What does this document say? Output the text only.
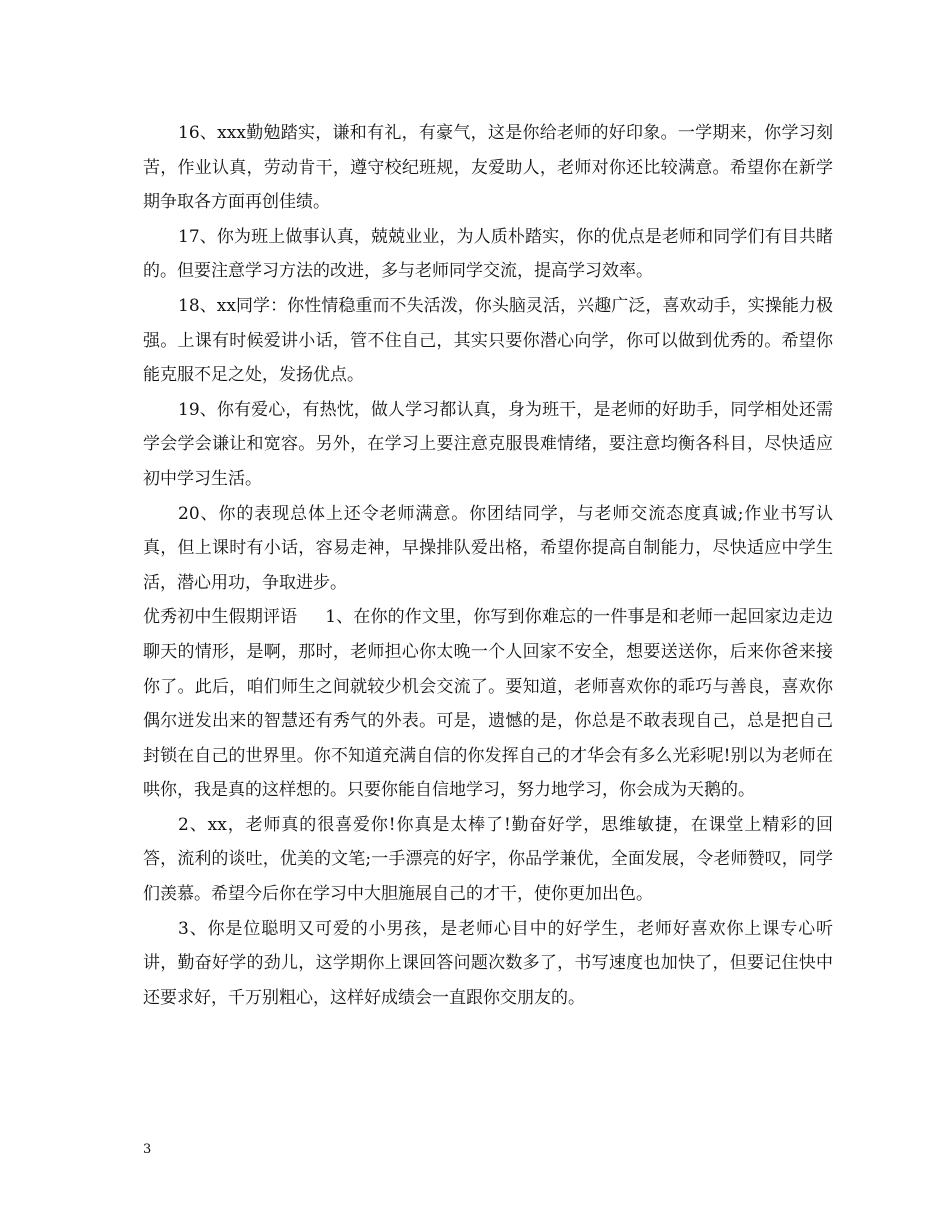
16、xxx勤勉踏实，谦和有礼，有豪气，这是你给老师的好印象。一学期来，你学习刻苦，作业认真，劳动肯干，遵守校纪班规，友爱助人，老师对你还比较满意。希望你在新学期争取各方面再创佳绩。

17、你为班上做事认真，兢兢业业，为人质朴踏实，你的优点是老师和同学们有目共睹的。但要注意学习方法的改进，多与老师同学交流，提高学习效率。

18、xx同学：你性情稳重而不失活泼，你头脑灵活，兴趣广泛，喜欢动手，实操能力极强。上课有时候爱讲小话，管不住自己，其实只要你潜心向学，你可以做到优秀的。希望你能克服不足之处，发扬优点。

19、你有爱心，有热忱，做人学习都认真，身为班干，是老师的好助手，同学相处还需学会学会谦让和宽容。另外，在学习上要注意克服畏难情绪，要注意均衡各科目，尽快适应初中学习生活。

20、你的表现总体上还令老师满意。你团结同学，与老师交流态度真诚;作业书写认真，但上课时有小话，容易走神，早操排队爱出格，希望你提高自制能力，尽快适应中学生活，潜心用功，争取进步。

优秀初中生假期评语 1、在你的作文里，你写到你难忘的一件事是和老师一起回家边走边聊天的情形，是啊，那时，老师担心你太晚一个人回家不安全，想要送送你，后来你爸来接你了。此后，咱们师生之间就较少机会交流了。要知道，老师喜欢你的乖巧与善良，喜欢你偶尔迸发出来的智慧还有秀气的外表。可是，遗憾的是，你总是不敢表现自己，总是把自己封锁在自己的世界里。你不知道充满自信的你发挥自己的才华会有多么光彩呢!别以为老师在哄你，我是真的这样想的。只要你能自信地学习，努力地学习，你会成为天鹅的。

2、xx，老师真的很喜爱你!你真是太棒了!勤奋好学，思维敏捷，在课堂上精彩的回答，流利的谈吐，优美的文笔;一手漂亮的好字，你品学兼优，全面发展，令老师赞叹，同学们羡慕。希望今后你在学习中大胆施展自己的才干，使你更加出色。

3、你是位聪明又可爱的小男孩，是老师心目中的好学生，老师好喜欢你上课专心听讲，勤奋好学的劲儿，这学期你上课回答问题次数多了，书写速度也加快了，但要记住快中还要求好，千万别粗心，这样好成绩会一直跟你交朋友的。

3
